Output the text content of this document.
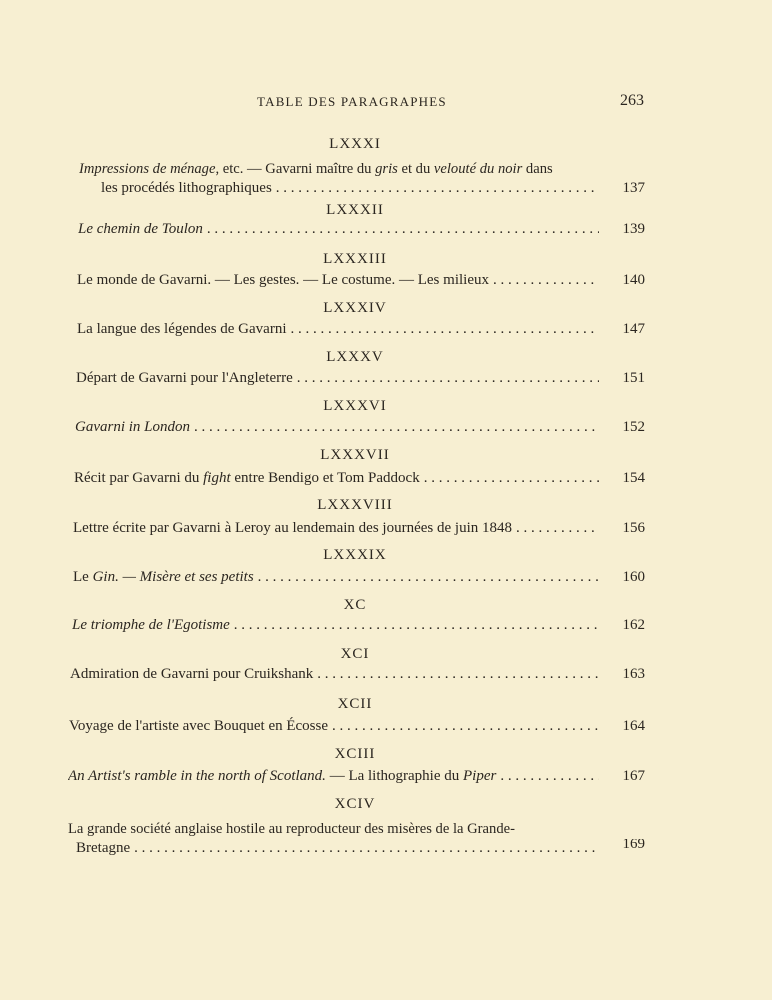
TABLE DES PARAGRAPHES	263
LXXXI
Impressions de ménage, etc. — Gavarni maître du gris et du velouté du noir dans
les procédés lithographiques . . .	137
LXXXII
Le chemin de Toulon . . .	139
LXXXIII
Le monde de Gavarni. — Les gestes. — Le costume. — Les milieux . . .	140
LXXXIV
La langue des légendes de Gavarni . . .	147
LXXXV
Départ de Gavarni pour l'Angleterre . . .	151
LXXXVI
Gavarni in London . . .	152
LXXXVII
Récit par Gavarni du fight entre Bendigo et Tom Paddock . . .	154
LXXXVIII
Lettre écrite par Gavarni à Leroy au lendemain des journées de juin 1848 . . .	156
LXXXIX
Le Gin. — Misère et ses petits . . .	160
XC
Le triomphe de l'Egotisme . . .	162
XCI
Admiration de Gavarni pour Cruikshank . . .	163
XCII
Voyage de l'artiste avec Bouquet en Écosse . . .	164
XCIII
An Artist's ramble in the north of Scotland. — La lithographie du Piper . . .	167
XCIV
La grande société anglaise hostile au reproducteur des misères de la Grande-
Bretagne . . .	169
